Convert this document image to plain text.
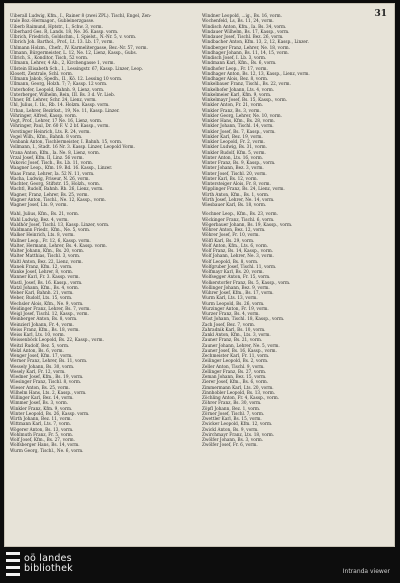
31
Uiberall Ludwig, Kfm., I., Rainer 8 (zwei ZPL). Tischl, Engel, Zen-
trale Boz.-Hermagor., Gubleinerzgasse.
Uiberb Raimund, Hptstr., I., Schw. 3, vorm.
Uiberhard Ges. R, Lands. 18, Ne. 36. Kassp. vorm.
Ulbrich, Friedrich, Goldschm., I. Spielst., N.-Nr. 5, v. vorm.
Ulbrich Joh. Barthol., Prof., Lt. 13. Lb. 17, vorm.
Uhlmann Holzm., Chefr., IV. Karmelitergasse, Bez.-Nr. 57, vorm.
Ulmann, Bürgermeister, L. 12, Ne. 12, Lienz, Kassp., Gubs.
Ullrich, S., Konditor, Tisch, 52 vorm.
Ullmann, Lehrer, 4 Ab., 2, Kirchengasse 1, vorm.
Ullstein Elisabeth Sch., I., Lessingstr. 67, Kassp. Linzer, Leop.
Klosett, Zentrale, Schl. vorm.
Ullmann Jakob, Spedh., II., Kö. 12. Lessing 10 vorm.
Ullmann, Georg, Holzh. 7; 7; Kassp. 12 vorm.
Unterhofer, Leopold, Bahnh. 9, Lienz, vorm.
Unterberger, Wilhelm, Rein, III. Bs. 3 d. Vr. Lieb.
Uhner, Bf. Lehrer, Schr. 24, Lienz, vorm.
Uhl, Julius, I. 1k., Rb. 14. Holzm. Kassp. vorm.
Urban, Lehrer, Bezirkst., 19, Ne. 11, Kassp. Linzer.
Vöhringer, Alfred, Kassp. vorm.
Vogt, Prof., Lehrer, 17 Ne. 16, Lienz, vorm.
Vöhringer, Paul, Dr. 60 F. V. 2 bf. Kassp., vorm.
Vorstinger Heinrich, Lts. R. 24, vorm.
Vogel Wilh., Kfm., Bahnh. 8 vorm.
Vonbank Anton, Tischlermeister, I. Bahnh. 15, vorm.
Vollmann, I., Stadt. 16 Nr. 3. Kassp. Linzer, Leopold Vorm.
Vrana Anton, Kfm., Ia. Ne. 8, Lienz, vorm.
Vrzal Josef, Kfm. II, Linz. 56 vorm.
Vukovic Josef, Tisch., Bs. Lb. 11, vorm.
Waagner Leop., Kfm. 19. Bd. 16. Kassp., Linzer.
Waas Franz, Lehrer, Ia. 52 N. 11, vorm.
Wacha, Ludwig, Friseur, N. 26, vorm.
Wachter, Georg, Stiftstr. 15, Holzh., vorm.
Wachtl, Rudolf, Bahnh. Rb. 26, Lienz, vorm.
Wagner, Franz, Lehrer, Bs. 25, vorm.
Wagner Anton, Tischl., Ne. 12, Kassp., vorm.
Wagner Josef, Lts. 9, vorm.
Wahl, Julius, Kfm., Bs. 21, vorm.
Wahl Ludwig, Bez. 4, vorm.
Waldhör Josef, Tischl. 13, Kassp. Linzer, vorm.
Waldmann Friedr., Kfm., Ne. 5, vorm.
Walker Heinrich, Lts. 8, vorm.
Wallner Leop., Fr. 12, 6, Kassp. vorm.
Walter, Hermann, Lehrer, Bs. 4. Kassp. vorm.
Walter Johann, Kfm., Bs. 20, vorm.
Walter Matthias, Tischl. 3, vorm.
Waltl Anton, Bez. 22, Lienz, vorm.
Wanek Franz, Kfm. 12, vorm.
Wanke Josef, Lehrer, 8, vorm.
Wanner Karl, Fr. 3. Kassp. vorm.
Wastl, Josef, Bs. 16. Kassp., vorm.
Watzl Johann, Kfm., Bs. 4, vorm.
Weber Karl, Bahnh. 21, vorm.
Weber, Rudolf, Lts. 15, vorm.
Wechsler Alois, Kfm., Ne. 9, vorm.
Weidinger Franz, Lehrer, Bs. 7, vorm.
Weigl Josef, Tischl. 12, Kassp., vorm.
Weinberger Anton, Bs. 8, vorm.
Weinzierl Johann, Fr. 4, vorm.
Weiss Franz, Kfm., Bs. 18, vorm.
Weiss Karl, Lts. 10, vorm.
Weissenböck Leopold, Bs. 22, Kassp., vorm.
Weitzl Rudolf, Bez. 5, vorm.
Welzl Anton, Bs. 6, vorm.
Wenger Josef, Kfm. 17, vorm.
Werner Franz, Lehrer, Bs. 11, vorm.
Wessely Johann, Bs. 30, vorm.
Wesely Karl, Fr. 12, vorm.
Wiedner Josef, Kfm., Bs. 19, vorm.
Wiesinger Franz, Tischl. 8, vorm.
Wieser Anton, Bs. 25, vorm.
Wilhelm Hans, Lts. 2, Kassp., vorm.
Willinger Karl, Bez. 14, vorm.
Wimmer Josef, Bs. 3, vorm.
Winkler Franz, Kfm. 9, vorm.
Winter Leopold, Bs. 26, Kassp. vorm.
Wirth Johann, Bez. 11, vorm.
Wittmann Karl, Lts. 7, vorm.
Wögerer Anton, Bs. 13, vorm.
Wohlmuth Franz, Fr. 5, vorm.
Wolf Josef, Kfm., Bs. 27, vorm.
Wolfsberger Hans, Bs. 14, vorm.
Wurm Georg, Tischl., Ne. 6, vorm.
Windner Leopold, ...ig., Bs. 16, vorm.
Wochenfeld, Ls, Bs. 11, 24, vorm.
Windisch Anton, Kfm., Ia. Bs. 34, vorm.
Windauer Wilhelm, Bs. 17, Kassp., vorm.
Windauer Josef, Tischl. Bez. 26, vorm.
Windbacher Anton, Kfm. 13, 2, 12, Kassp., Linzer.
Windberger Franz, Lehrer, Ne. 18, vorm.
Windhager Johann, Bs. 11, 14, 15, vorm.
Windisch Josef, I. Lb. 3, vorm.
Windmann Karl, Kfm., Bs. 6, vorm.
Windhofer Leop., Fr. 17, vorm.
Windhager Anton, Bs. 12, 13, Kassp., Lienz, vorm.
Windhager Alois, Bez. 8, vorm.
Winkelbauer Franz, Tischl., Bs. 22, vorm.
Winkelhofer Johann, Lts. 4, vorm.
Winkelmeier Karl, Kfm. 9, vorm.
Winkelmayr Josef, Bs. 15, Kassp., vorm.
Winkler Anton, Fr. 21, vorm.
Winkler Franz, Bs. 3, vorm.
Winkler Georg, Lehrer, Ne. 10, vorm.
Winkler Hans, Kfm., Bs. 28, vorm.
Winkler Johann, Tischl. 14, vorm.
Winkler Josef, Bs. 7, Kassp., vorm.
Winkler Karl, Bez. 19, vorm.
Winkler Leopold, Fr. 2, vorm.
Winkler Ludwig, Bs. 31, vorm.
Winkler Rudolf, Kfm. 5, vorm.
Winter Anton, Lts. 16, vorm.
Winter Franz, Bs. 9, Kassp., vorm.
Winter Johann, Bez. 3, vorm.
Winter Josef, Tischl. 20, vorm.
Winter Karl, Bs. 12, vorm.
Wintersteiger Alois, Fr. 8, vorm.
Wipplinger Franz, Bs. 24, Lienz, vorm.
Wirth Anton, Kfm., Bs. 1, vorm.
Wirth Josef, Lehrer, Ne. 14, vorm.
Wiesbauer Karl, Bs. 18, vorm.
Wochner Leop., Kfm., Bs. 23, vorm.
Wöckinger Franz, Tischl. 6, vorm.
Wögerbauer Johann, Bs. 19, Kassp., vorm.
Wöhrer Anton, Bez. 12, vorm.
Wöhrer Josef, Fr. 10, vorm.
Wölfl Karl, Bs. 29, vorm.
Wolf Anton, Kfm., Lts. 6, vorm.
Wolf Franz, Bs. 14, Kassp., vorm.
Wolf Johann, Lehrer, Ne. 3, vorm.
Wolf Leopold, Bs. 8, vorm.
Wolfgruber Josef, Tischl. 11, vorm.
Wolfmayr Karl, Bs. 20, vorm.
Wolfsegger Anton, Fr. 15, vorm.
Wolkerstorfer Franz, Bs. 5, Kassp., vorm.
Wollinger Johann, Bez. 9, vorm.
Wührer Josef, Kfm., Bs. 17, vorm.
Wurm Karl, Lts. 13, vorm.
Wurm Leopold, Bs. 26, vorm.
Wurzinger Anton, Fr. 19, vorm.
Wurzer Franz, Bs. 4, vorm.
Wüst Johann, Tischl. 18, Kassp., vorm.
Zach Josef, Bez. 7, vorm.
Zahradnik Karl, Bs. 10, vorm.
Zankl Anton, Kfm., Lts. 3, vorm.
Zauner Franz, Bs. 21, vorm.
Zauner Johann, Lehrer, Ne. 5, vorm.
Zauner Josef, Bs. 16, Kassp., vorm.
Zechmeister Karl, Fr. 11, vorm.
Zeilinger Leopold, Bs. 2, vorm.
Zeller Anton, Tischl. 9, vorm.
Zellinger Franz, Bs. 27, vorm.
Zeman Johann, Bez. 15, vorm.
Zierer Josef, Kfm., Bs. 6, vorm.
Zimmermann Karl, Lts. 20, vorm.
Zinnhobler Leopold, Bs. 13, vorm.
Zöchling Anton, Fr. 4, Kassp., vorm.
Zöhrer Franz, Bs. 30, vorm.
Zöpfl Johann, Bez. 1, vorm.
Zörner Josef, Tischl. 7, vorm.
Zwettler Karl, Bs. 15, vorm.
Zwicker Leopold, Kfm. 12, vorm.
Zwickl Anton, Bs. 9, vorm.
Zwirchmayr Franz, Lts. 18, vorm.
Zwölfer Johann, Bs. 3, vorm.
Zwölfer Josef, Fr. 6, vorm.
oö landes
bibliothek	Intranda viewer
